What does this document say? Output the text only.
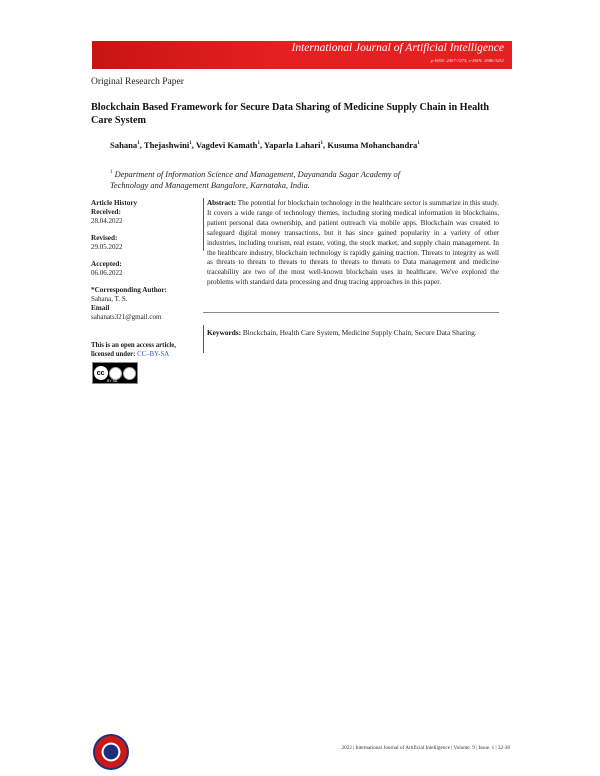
International Journal of Artificial Intelligence
p-ISSN: 2407-7275, e-ISSN: 2686-3251
Original Research Paper
Blockchain Based Framework for Secure Data Sharing of Medicine Supply Chain in Health Care System
Sahana$^1$, Thejashwini$^1$, Vagdevi Kamath$^1$, Yaparla Lahari$^1$, Kusuma Mohanchandra$^1$
$^1$ Department of Information Science and Management, Dayananda Sagar Academy of Technology and Management Bangalore, Karnataka, India.
Article History
Received:
28.04.2022
Revised:
29.05.2022
Accepted:
06.06.2022
*Corresponding Author:
Sahana, T. S.
Email
sahanats321@gmail.com
This is an open access article,
licensed under: CC–BY-SA
cc
BY SA
Abstract: The potential for blockchain technology in the healthcare sector is summarize in this study. It covers a wide range of technology themes, including storing medical information in blockchains, patient personal data ownership, and patient outreach via mobile apps. Blockchain was created to safeguard digital money transactions, but it has since gained popularity in a variety of other industries, including tourism, real estate, voting, the stock market, and supply chain management. In the healthcare industry, blockchain technology is rapidly gaining traction. Threats to integrity as well as threats to threats to threats to threats to threats to threats to Data management and medicine traceability are two of the most well-known blockchain uses in healthcare. We've explored the problems with standard data processing and drug tracing approaches in this paper.
Keywords: Blockchain, Health Care System, Medicine Supply Chain, Secure Data Sharing.
2022 | International Journal of Artificial Intelligence | Volume. 9 | Issue. 1 | 32-38
